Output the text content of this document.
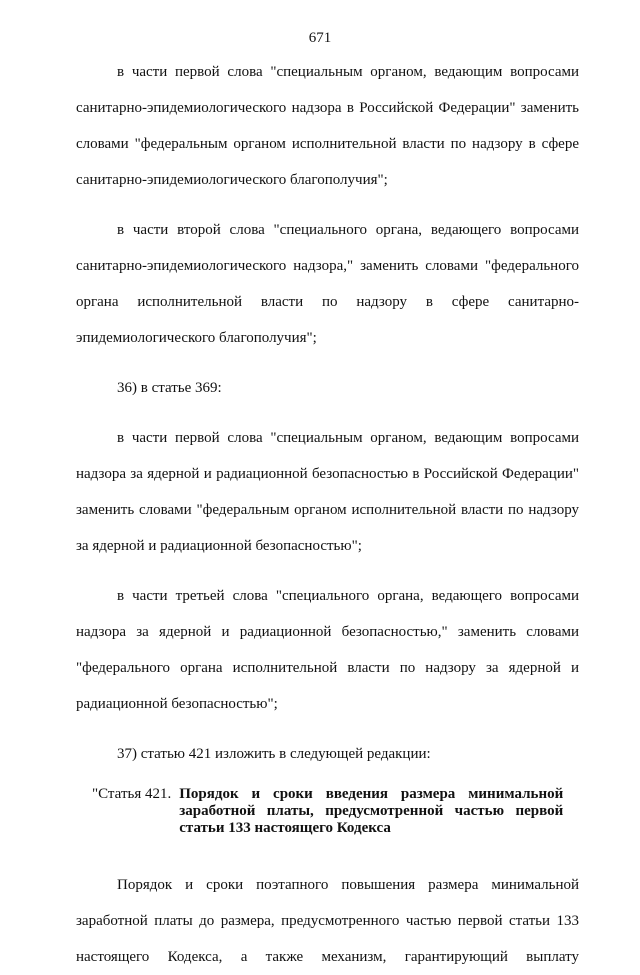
671

в части первой слова "специальным органом, ведающим вопросами санитарно-эпидемиологического надзора в Российской Федерации" заменить словами "федеральным органом исполнительной власти по надзору в сфере санитарно-эпидемиологического благополучия";

в части второй слова "специального органа, ведающего вопросами санитарно-эпидемиологического надзора," заменить словами "федерального органа исполнительной власти по надзору в сфере санитарно-эпидемиологического благополучия";

36) в статье 369:

в части первой слова "специальным органом, ведающим вопросами надзора за ядерной и радиационной безопасностью в Российской Федерации" заменить словами "федеральным органом исполнительной власти по надзору за ядерной и радиационной безопасностью";

в части третьей слова "специального органа, ведающего вопросами надзора за ядерной и радиационной безопасностью," заменить словами "федерального органа исполнительной власти по надзору за ядерной и радиационной безопасностью";

37) статью 421 изложить в следующей редакции:

"Статья 421. Порядок и сроки введения размера минимальной заработной платы, предусмотренной частью первой статьи 133 настоящего Кодекса

Порядок и сроки поэтапного повышения размера минимальной заработной платы до размера, предусмотренного частью первой статьи 133 настоящего Кодекса, а также механизм, гарантирующий выплату
